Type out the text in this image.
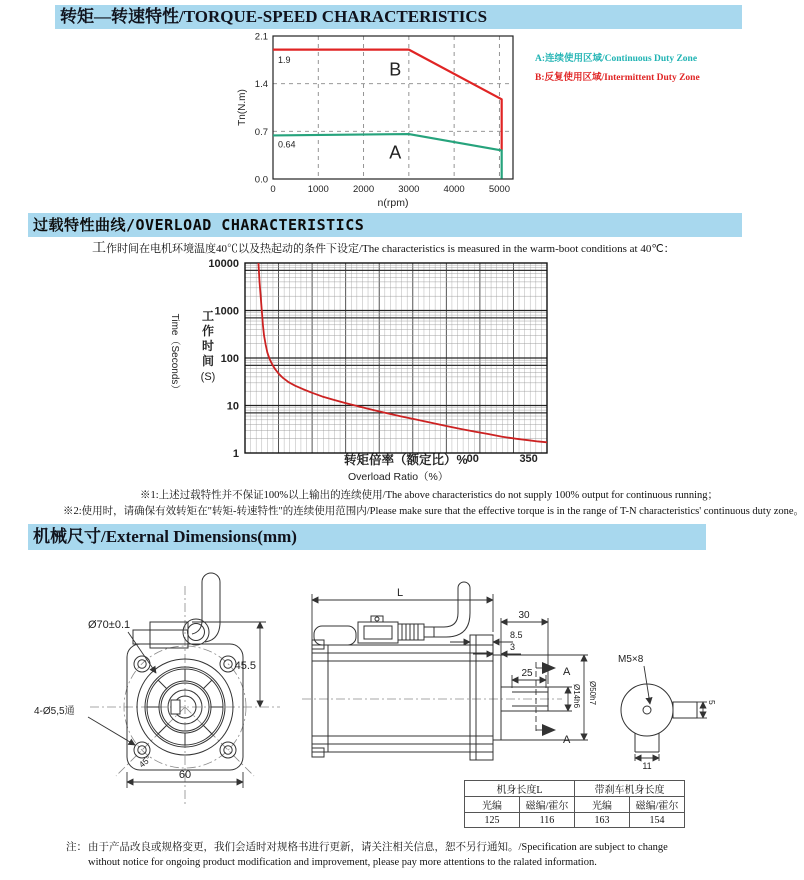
转矩—转速特性/TORQUE-SPEED CHARACTERISTICS
0	1000	2000	3000	4000	5000
0.0
0.7
1.4
2.1
1.9	B
0.64	A
n(rpm)
Tn(N.m)
A:连续使用区域/Continuous Duty Zone
B:反复使用区域/Intermittent Duty Zone
过载特性曲线/OVERLOAD CHARACTERISTICS
工作时间在电机环境温度40℃以及热起动的条件下设定/The characteristics is measured in the warm-boot conditions at 40℃：
10000
1000
100
10
1
Time（Seconds） 工
作
时
间
(S)
转矩倍率（额定比）%
00	350
Overload Ratio（%）
※1:上述过载特性并不保证100%以上输出的连续使用/The above characteristics do not supply 100% output for continuous running；
※2:使用时，请确保有效转矩在"转矩-转速特性"的连续使用范围内/Please make sure that the effective torque is in the range of T-N characteristics' continuous duty zone。
机械尺寸/External Dimensions(mm)
Ø70±0.1
45.5
4-Ø5,5通
45°
60
L
30
8.5
3
25	A
A
Ø14h6 Ø50h7
M5×8
5
11
机身长度L		带刹车机身长度	
光编	磁编/霍尔	光编	磁编/霍尔
125	116	163	154
注： 由于产品改良或规格变更，我们会适时对规格书进行更新，请关注相关信息，恕不另行通知。/Specification are subject to change without notice for ongoing product modification and improvement, please pay more attentions to the ralated information.
